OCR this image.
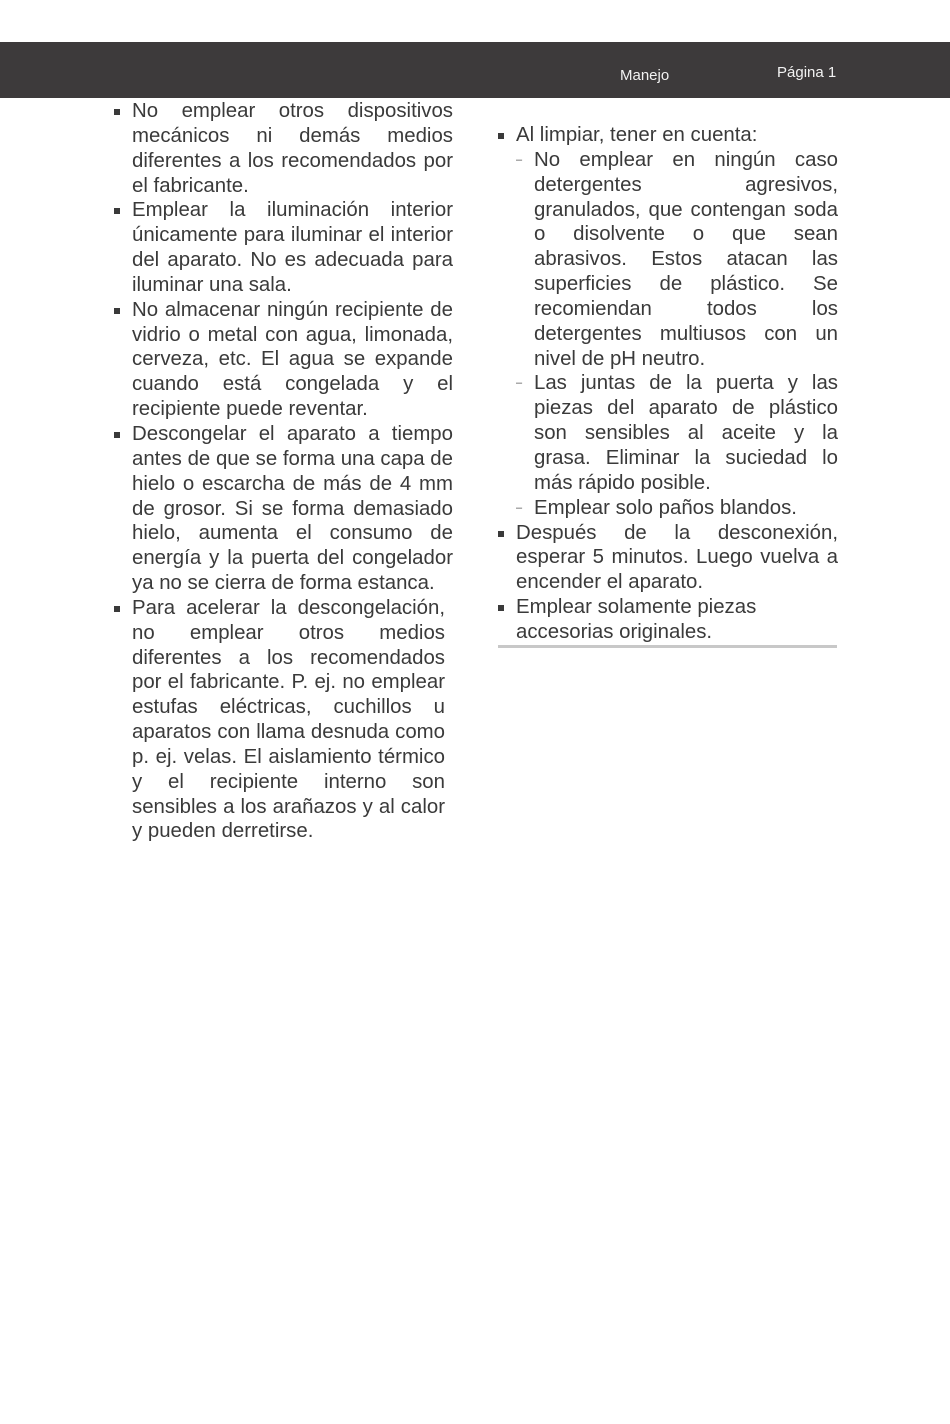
Manejo	Página 1
No emplear otros dispositivos mecánicos ni demás medios diferentes a los recomendados por el fabricante.
Emplear la iluminación interior únicamente para iluminar el interior del aparato. No es adecuada para iluminar una sala.
No almacenar ningún recipiente de vidrio o metal con agua, limonada, cerveza, etc. El agua se expande cuando está congelada y el recipiente puede reventar.
Descongelar el aparato a tiempo antes de que se forma una capa de hielo o escarcha de más de 4 mm de grosor. Si se forma demasiado hielo, aumenta el consumo de energía y la puerta del congelador ya no se cierra de forma estanca.
Para acelerar la descongelación, no emplear otros medios diferentes a los recomendados por el fabricante. P. ej. no emplear estufas eléctricas, cuchillos u aparatos con llama desnuda como p. ej. velas. El aislamiento térmico y el recipiente interno son sensibles a los arañazos y al calor y pueden derretirse.
Al limpiar, tener en cuenta:
– No emplear en ningún caso detergentes agresivos, granulados, que contengan soda o disolvente o que sean abrasivos. Estos atacan las superficies de plástico. Se recomiendan todos los detergentes multiusos con un nivel de pH neutro.
– Las juntas de la puerta y las piezas del aparato de plástico son sensibles al aceite y la grasa. Eliminar la suciedad lo más rápido posible.
– Emplear solo paños blandos.
Después de la desconexión, esperar 5 minutos. Luego vuelva a encender el aparato.
Emplear solamente piezas accesorias originales.
